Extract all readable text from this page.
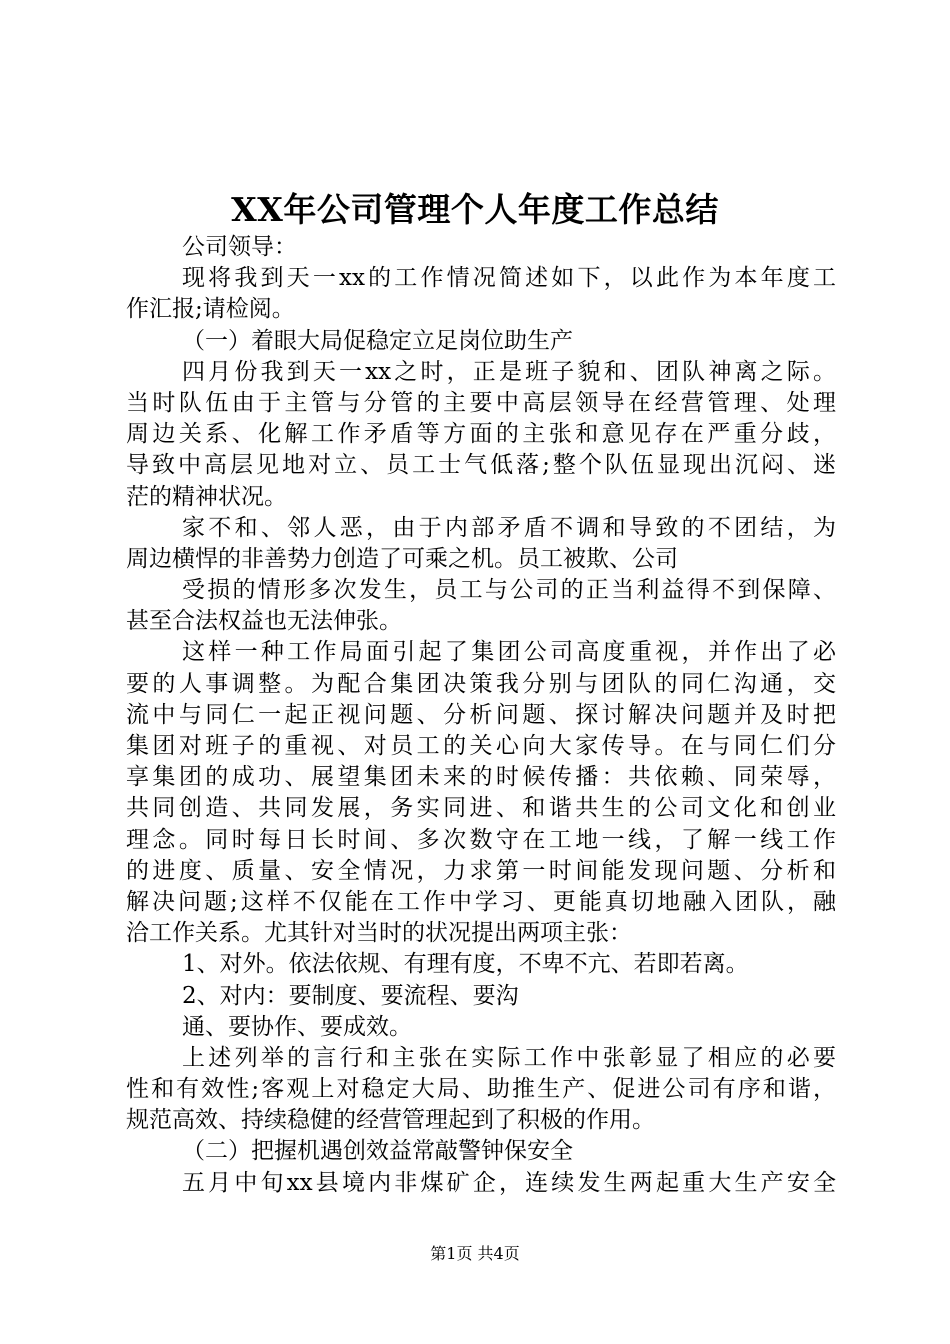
XX年公司管理个人年度工作总结
公司领导：
现将我到天一xx的工作情况简述如下，以此作为本年度工
作汇报;请检阅。
（一）着眼大局促稳定立足岗位助生产
四月份我到天一xx之时，正是班子貌和、团队神离之际。
当时队伍由于主管与分管的主要中高层领导在经营管理、处理
周边关系、化解工作矛盾等方面的主张和意见存在严重分歧，
导致中高层见地对立、员工士气低落;整个队伍显现出沉闷、迷
茫的精神状况。
家不和、邻人恶，由于内部矛盾不调和导致的不团结，为
周边横悍的非善势力创造了可乘之机。员工被欺、公司
受损的情形多次发生，员工与公司的正当利益得不到保障、
甚至合法权益也无法伸张。
这样一种工作局面引起了集团公司高度重视，并作出了必
要的人事调整。为配合集团决策我分别与团队的同仁沟通，交
流中与同仁一起正视问题、分析问题、探讨解决问题并及时把
集团对班子的重视、对员工的关心向大家传导。在与同仁们分
享集团的成功、展望集团未来的时候传播：共依赖、同荣辱，
共同创造、共同发展，务实同进、和谐共生的公司文化和创业
理念。同时每日长时间、多次数守在工地一线，了解一线工作
的进度、质量、安全情况，力求第一时间能发现问题、分析和
解决问题;这样不仅能在工作中学习、更能真切地融入团队，融
洽工作关系。尤其针对当时的状况提出两项主张：
1、对外。依法依规、有理有度，不卑不亢、若即若离。
2、对内：要制度、要流程、要沟
通、要协作、要成效。
上述列举的言行和主张在实际工作中张彰显了相应的必要
性和有效性;客观上对稳定大局、助推生产、促进公司有序和谐，
规范高效、持续稳健的经营管理起到了积极的作用。
（二）把握机遇创效益常敲警钟保安全
五月中旬xx县境内非煤矿企，连续发生两起重大生产安全
第1页 共4页
